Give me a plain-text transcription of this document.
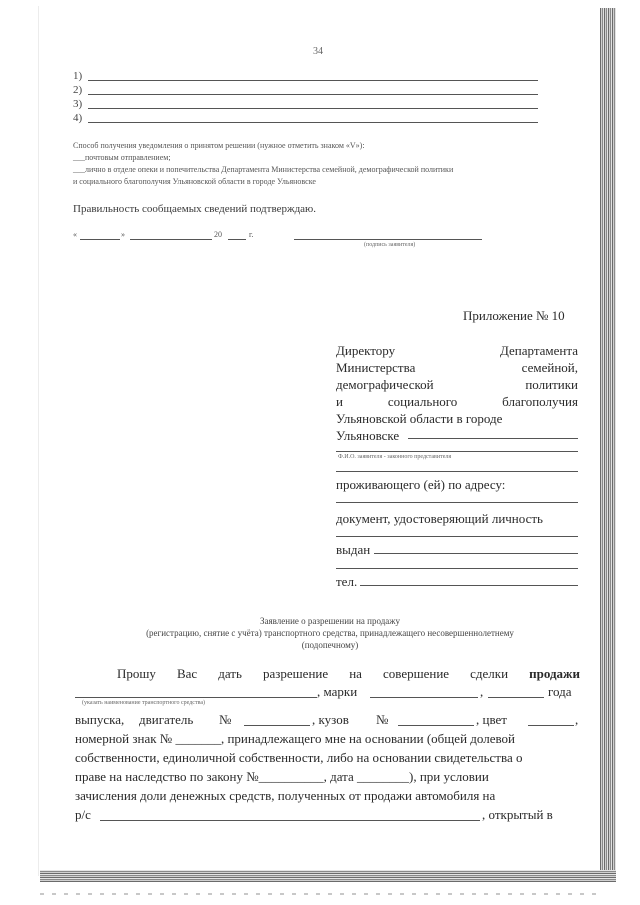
34
1)
2)
3)
4)
Способ получения уведомления о принятом решении (нужное отметить знаком «V»):
___почтовым отправлением;
___лично в отделе опеки и попечительства Департамента Министерства семейной, демографической политики
и социального благополучия Ульяновской области в городе Ульяновске
Правильность сообщаемых сведений подтверждаю.
«	»	20	г.
(подпись заявителя)
Приложение № 10
Директору	Департамента
Министерства	семейной,
демографической	политики
и	социального	благополучия
Ульяновской области в городе
Ульяновске
Ф.И.О. заявителя - законного представителя
проживающего (ей) по адресу:
документ, удостоверяющий личность
выдан
тел.
Заявление о разрешении на продажу
(регистрацию, снятие с учёта) транспортного средства, принадлежащего несовершеннолетнему
(подопечному)
Прошу Вас дать разрешение на совершение сделки продажи
, марки	,	года
(указать наименование транспортного средства)
выпуска, двигатель №	, кузов №	, цвет	,
номерной знак № _______, принадлежащего мне на основании (общей долевой
собственности, единоличной собственности, либо на основании свидетельства о
праве на наследство по закону №__________, дата ________), при условии
зачисления доли денежных средств, полученных от продажи автомобиля на
р/с	, открытый в
